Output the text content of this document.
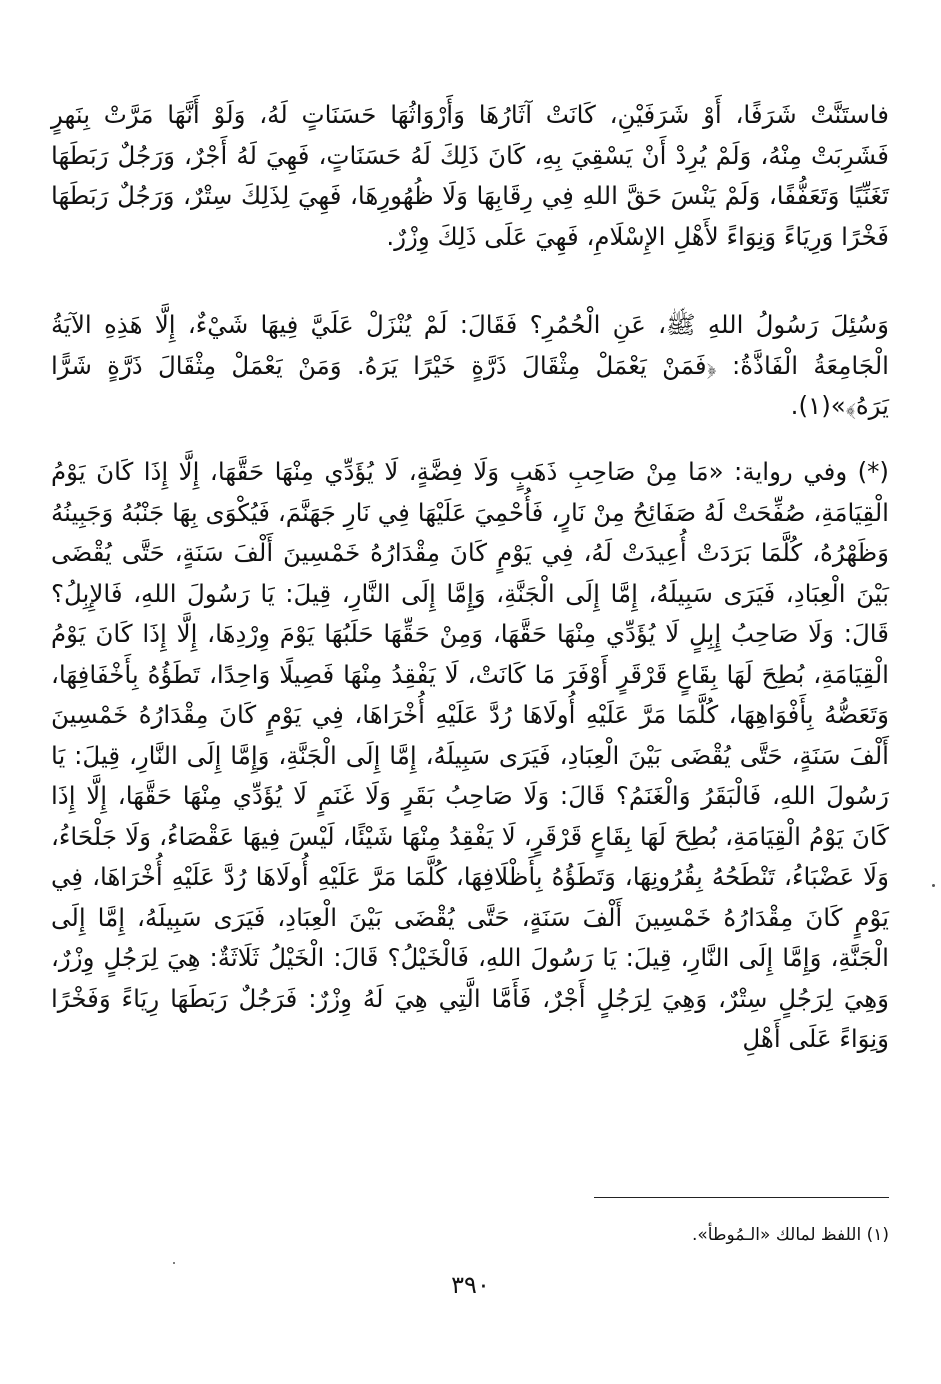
فاستَنَّتْ شَرَفًا، أَوْ شَرَفَيْنِ، كَانَتْ آثَارُهَا وَأَرْوَاثُهَا حَسَنَاتٍ لَهُ، وَلَوْ أَنَّهَا مَرَّتْ بِنَهرٍ فَشَرِبَتْ مِنْهُ، وَلَمْ يُرِدْ أَنْ يَسْقِيَ بِهِ، كَانَ ذَلِكَ لَهُ حَسَنَاتٍ، فَهِيَ لَهُ أَجْرٌ، وَرَجُلٌ رَبَطَهَا تَغَنِّيًا وَتَعَفُّفًا، وَلَمْ يَنْسَ حَقَّ اللهِ فِي رِقَابِهَا وَلَا ظُهُورِهَا، فَهِيَ لِذَلِكَ سِتْرٌ، وَرَجُلٌ رَبَطَهَا فَخْرًا وَرِيَاءً وَنِوَاءً لأَهْلِ الإِسْلَامِ، فَهِيَ عَلَى ذَلِكَ وِزْرٌ.

وَسُئِلَ رَسُولُ اللهِ ﷺ، عَنِ الْحُمُرِ؟ فَقَالَ: لَمْ يُنْزَلْ عَلَيَّ فِيهَا شَيْءٌ، إِلَّا هَذِهِ الآيَةُ الْجَامِعَةُ الْفَاذَّةُ: ﴿فَمَنْ يَعْمَلْ مِثْقَالَ ذَرَّةٍ خَيْرًا يَرَهُ. وَمَنْ يَعْمَلْ مِثْقَالَ ذَرَّةٍ شَرًّا يَرَهُ﴾»(١).

(*) وفي رواية: «مَا مِنْ صَاحِبِ ذَهَبٍ وَلَا فِضَّةٍ، لَا يُؤَدِّي مِنْهَا حَقَّهَا، إِلَّا إِذَا كَانَ يَوْمُ الْقِيَامَةِ، صُفِّحَتْ لَهُ صَفَائِحُ مِنْ نَارٍ، فَأُحْمِيَ عَلَيْهَا فِي نَارِ جَهَنَّمَ، فَيُكْوَى بِهَا جَنْبُهُ وَجَبِينُهُ وَظَهْرُهُ، كُلَّمَا بَرَدَتْ أُعِيدَتْ لَهُ، فِي يَوْمٍ كَانَ مِقْدَارُهُ خَمْسِينَ أَلْفَ سَنَةٍ، حَتَّى يُقْضَى بَيْنَ الْعِبَادِ، فَيَرَى سَبِيلَهُ، إِمَّا إِلَى الْجَنَّةِ، وَإِمَّا إِلَى النَّارِ، قِيلَ: يَا رَسُولَ اللهِ، فَالإِبِلُ؟ قَالَ: وَلَا صَاحِبُ إِبِلٍ لَا يُؤَدِّي مِنْهَا حَقَّهَا، وَمِنْ حَقِّهَا حَلَبُهَا يَوْمَ وِرْدِهَا، إِلَّا إِذَا كَانَ يَوْمُ الْقِيَامَةِ، بُطِحَ لَهَا بِقَاعٍ قَرْقَرٍ أَوْفَرَ مَا كَانَتْ، لَا يَفْقِدُ مِنْهَا فَصِيلًا وَاحِدًا، تَطَؤُهُ بِأَخْفَافِهَا، وَتَعَضُّهُ بِأَفْوَاهِهَا، كُلَّمَا مَرَّ عَلَيْهِ أُولَاهَا رُدَّ عَلَيْهِ أُخْرَاهَا، فِي يَوْمٍ كَانَ مِقْدَارُهُ خَمْسِينَ أَلْفَ سَنَةٍ، حَتَّى يُقْضَى بَيْنَ الْعِبَادِ، فَيَرَى سَبِيلَهُ، إِمَّا إِلَى الْجَنَّةِ، وَإِمَّا إِلَى النَّارِ، قِيلَ: يَا رَسُولَ اللهِ، فَالْبَقَرُ وَالْغَنَمُ؟ قَالَ: وَلَا صَاحِبُ بَقَرٍ وَلَا غَنَمٍ لَا يُؤَدِّي مِنْهَا حَقَّهَا، إِلَّا إِذَا كَانَ يَوْمُ الْقِيَامَةِ، بُطِحَ لَهَا بِقَاعٍ قَرْقَرٍ، لَا يَفْقِدُ مِنْهَا شَيْئًا، لَيْسَ فِيهَا عَقْصَاءُ، وَلَا جَلْحَاءُ، وَلَا عَضْبَاءُ، تَنْطَحُهُ بِقُرُونِهَا، وَتَطَؤُهُ بِأَظْلَافِهَا، كُلَّمَا مَرَّ عَلَيْهِ أُولَاهَا رُدَّ عَلَيْهِ أُخْرَاهَا، فِي يَوْمٍ كَانَ مِقْدَارُهُ خَمْسِينَ أَلْفَ سَنَةٍ، حَتَّى يُقْضَى بَيْنَ الْعِبَادِ، فَيَرَى سَبِيلَهُ، إِمَّا إِلَى الْجَنَّةِ، وَإِمَّا إِلَى النَّارِ، قِيلَ: يَا رَسُولَ اللهِ، فَالْخَيْلُ؟ قَالَ: الْخَيْلُ ثَلَاثَةٌ: هِيَ لِرَجُلٍ وِزْرٌ، وَهِيَ لِرَجُلٍ سِتْرٌ، وَهِيَ لِرَجُلٍ أَجْرٌ، فَأَمَّا الَّتِي هِيَ لَهُ وِزْرٌ: فَرَجُلٌ رَبَطَهَا رِيَاءً وَفَخْرًا وَنِوَاءً عَلَى أَهْلِ

(١) اللفظ لمالك «الـمُوطأ».
٣٩٠
